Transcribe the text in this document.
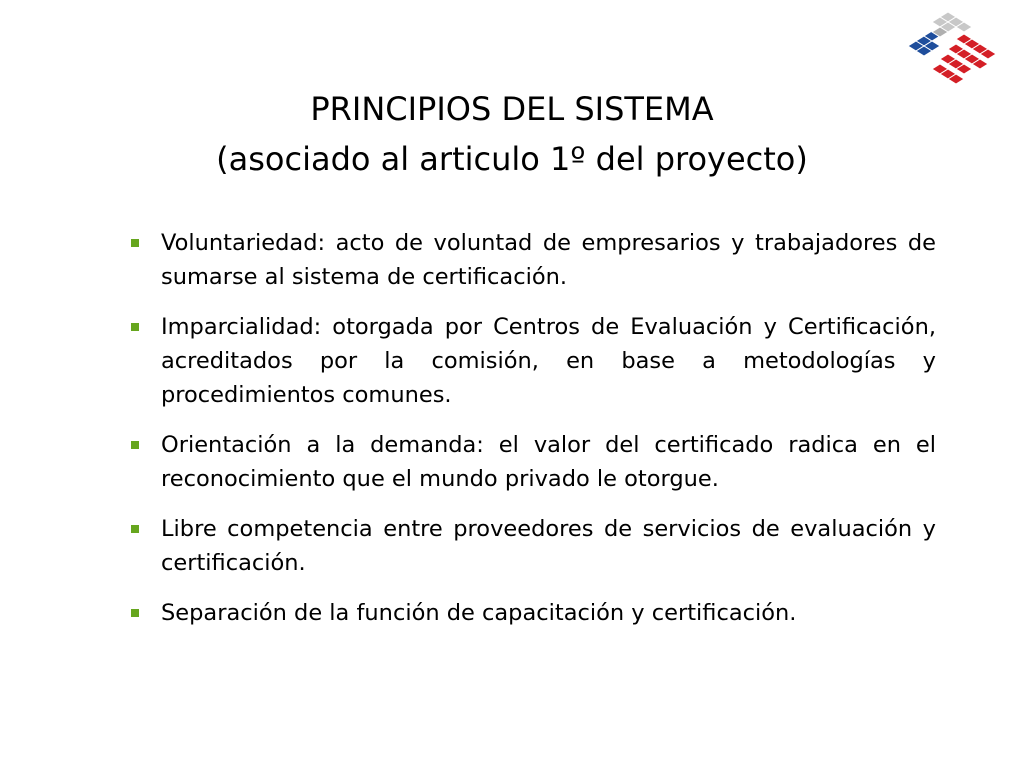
PRINCIPIOS DEL SISTEMA
(asociado al articulo 1º del proyecto)
Voluntariedad: acto de voluntad de empresarios y trabajadores de sumarse al sistema de certificación.
Imparcialidad: otorgada por Centros de Evaluación y Certificación, acreditados por la comisión, en base a metodologías y procedimientos comunes.
Orientación a la demanda: el valor del certificado radica en el reconocimiento que el mundo privado le otorgue.
Libre competencia entre proveedores de servicios de evaluación y certificación.
Separación de la función de capacitación y certificación.
